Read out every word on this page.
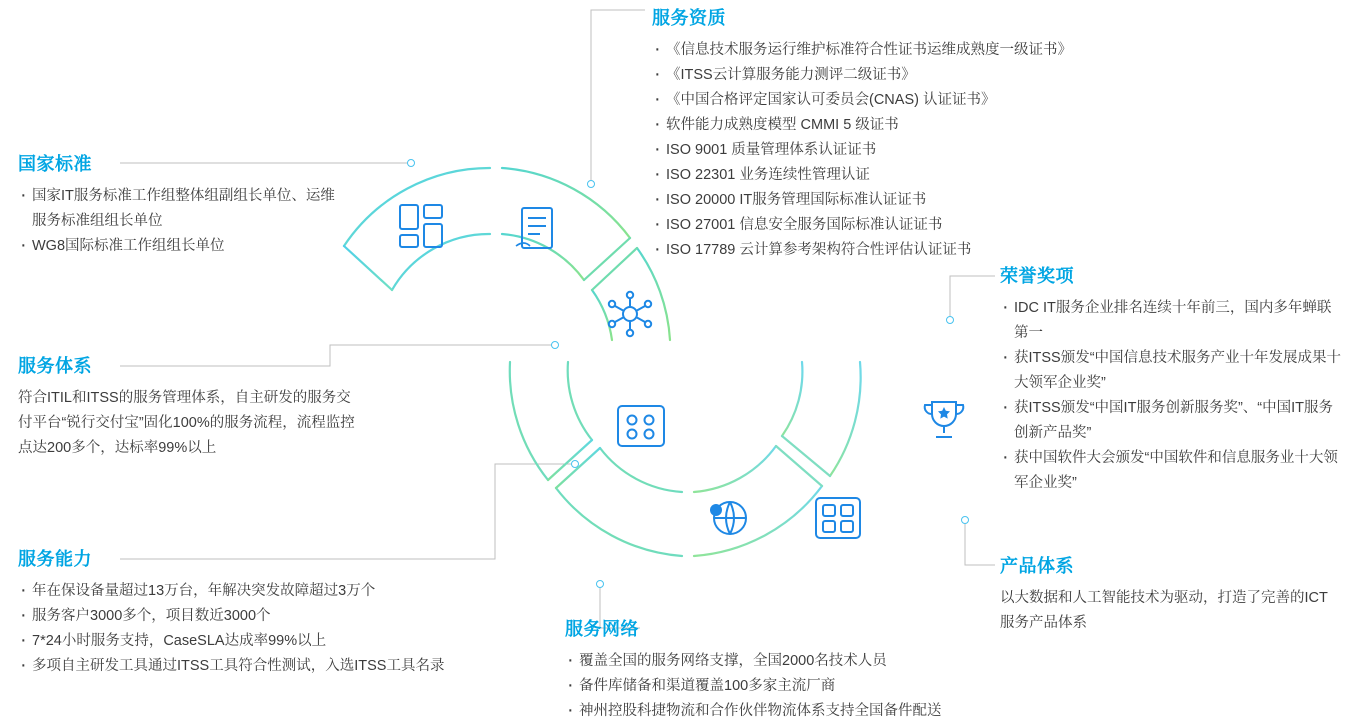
服务资质
· 《信息技术服务运行维护标准符合性证书运维成熟度一级证书》
· 《ITSS云计算服务能力测评二级证书》
· 《中国合格评定国家认可委员会(CNAS) 认证证书》
· 软件能力成熟度模型 CMMI 5 级证书
· ISO 9001 质量管理体系认证证书
· ISO 22301 业务连续性管理认证
· ISO 20000 IT服务管理国际标准认证证书
· ISO 27001 信息安全服务国际标准认证证书
· ISO 17789 云计算参考架构符合性评估认证证书
国家标准
· 国家IT服务标准工作组整体组副组长单位、运维服务标准组组长单位
· WG8国际标准工作组组长单位
服务体系

符合ITIL和ITSS的服务管理体系，自主研发的服务交付平台“锐行交付宝”固化100%的服务流程，流程监控点达200多个，达标率99%以上

服务能力
· 年在保设备量超过13万台，年解决突发故障超过3万个
· 服务客户3000多个，项目数近3000个
· 7*24小时服务支持，CaseSLA达成率99%以上
· 多项自主研发工具通过ITSS工具符合性测试，入选ITSS工具名录
服务网络
· 覆盖全国的服务网络支撑，全国2000名技术人员
· 备件库储备和渠道覆盖100多家主流厂商
· 神州控股科捷物流和合作伙伴物流体系支持全国备件配送
荣誉奖项
· IDC IT服务企业排名连续十年前三，国内多年蝉联第一
· 获ITSS颁发“中国信息技术服务产业十年发展成果十大领军企业奖”
· 获ITSS颁发“中国IT服务创新服务奖”、“中国IT服务创新产品奖”
· 获中国软件大会颁发“中国软件和信息服务业十大领军企业奖”
产品体系

以大数据和人工智能技术为驱动，打造了完善的ICT服务产品体系
